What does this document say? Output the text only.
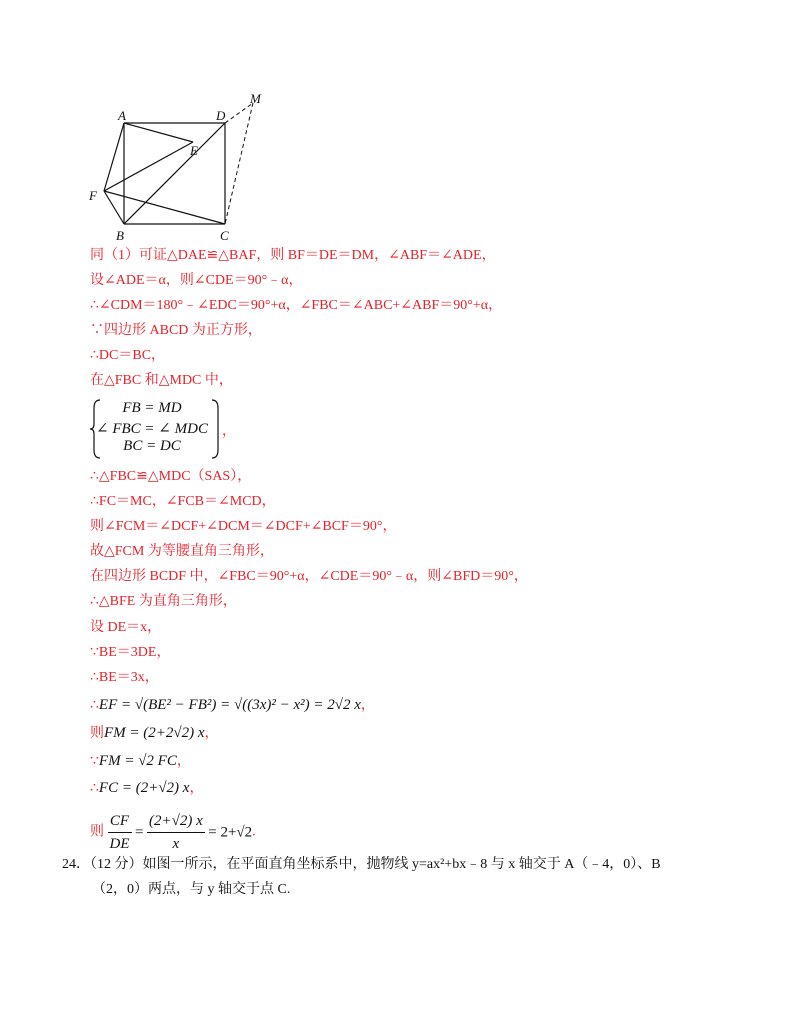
A	D
M
E
F
B	C
同（1）可证△DAE≌△BAF，则 BF＝DE＝DM，∠ABF＝∠ADE，
设∠ADE＝α，则∠CDE＝90°﹣α，
∴∠CDM＝180°﹣∠EDC＝90°+α，∠FBC＝∠ABC+∠ABF＝90°+α，
∵四边形 ABCD 为正方形，
∴DC＝BC，
在△FBC 和△MDC 中，
FB = MD
∠ FBC = ∠ MDC
BC = DC
，
∴△FBC≌△MDC（SAS），
∴FC＝MC，∠FCB＝∠MCD，
则∠FCM＝∠DCF+∠DCM＝∠DCF+∠BCF＝90°，
故△FCM 为等腰直角三角形，
在四边形 BCDF 中，∠FBC＝90°+α，∠CDE＝90°﹣α，则∠BFD＝90°，
∴△BFE 为直角三角形，
设 DE＝x，
∵BE＝3DE，
∴BE＝3x，
∴EF = √(BE² − FB²) = √((3x)² − x²) = 2√2 x，
则FM = (2+2√2) x，
∵FM = √2 FC，
∴FC = (2+√2) x，
则 $\frac{CF}{DE} = \frac{(2+√2) x}{x} = 2+√2$.
24．（12 分）如图一所示，在平面直角坐标系中，抛物线 y=ax²+bx﹣8 与 x 轴交于 A（﹣4，0）、B
（2，0）两点，与 y 轴交于点 C.
